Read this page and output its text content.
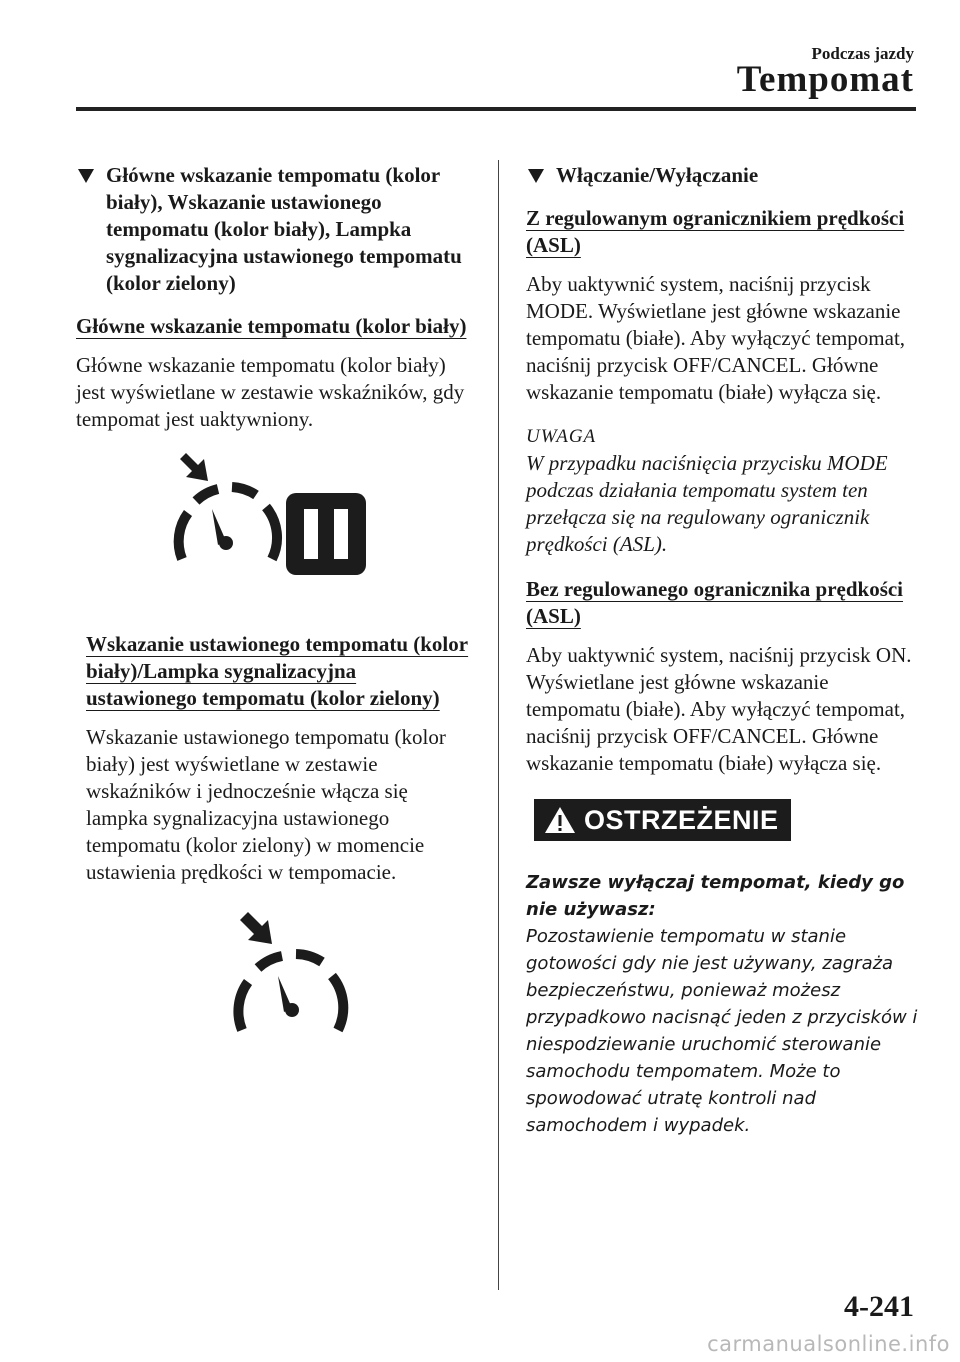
Podczas jazdy
Tempomat
Główne wskazanie tempomatu (kolor biały), Wskazanie ustawionego tempomatu (kolor biały), Lampka sygnalizacyjna ustawionego tempomatu (kolor zielony)
Główne wskazanie tempomatu (kolor biały)
Główne wskazanie tempomatu (kolor biały) jest wyświetlane w zestawie wskaźników, gdy tempomat jest uaktywniony.
Wskazanie ustawionego tempomatu (kolor biały)/Lampka sygnalizacyjna ustawionego tempomatu (kolor zielony)
Wskazanie ustawionego tempomatu (kolor biały) jest wyświetlane w zestawie wskaźników i jednocześnie włącza się lampka sygnalizacyjna ustawionego tempomatu (kolor zielony) w momencie ustawienia prędkości w tempomacie.
Włączanie/Wyłączanie
Z regulowanym ogranicznikiem prędkości (ASL)
Aby uaktywnić system, naciśnij przycisk MODE. Wyświetlane jest główne wskazanie tempomatu (białe). Aby wyłączyć tempomat, naciśnij przycisk OFF/CANCEL. Główne wskazanie tempomatu (białe) wyłącza się.
UWAGA
W przypadku naciśnięcia przycisku MODE podczas działania tempomatu system ten przełącza się na regulowany ogranicznik prędkości (ASL).
Bez regulowanego ogranicznika prędkości (ASL)
Aby uaktywnić system, naciśnij przycisk ON. Wyświetlane jest główne wskazanie tempomatu (białe). Aby wyłączyć tempomat, naciśnij przycisk OFF/CANCEL. Główne wskazanie tempomatu (białe) wyłącza się.
OSTRZEŻENIE
Zawsze wyłączaj tempomat, kiedy go nie używasz:
Pozostawienie tempomatu w stanie gotowości gdy nie jest używany, zagraża bezpieczeństwu, ponieważ możesz przypadkowo nacisnąć jeden z przycisków i niespodziewanie uruchomić sterowanie samochodu tempomatem. Może to spowodować utratę kontroli nad samochodem i wypadek.
4-241
carmanualsonline.info
